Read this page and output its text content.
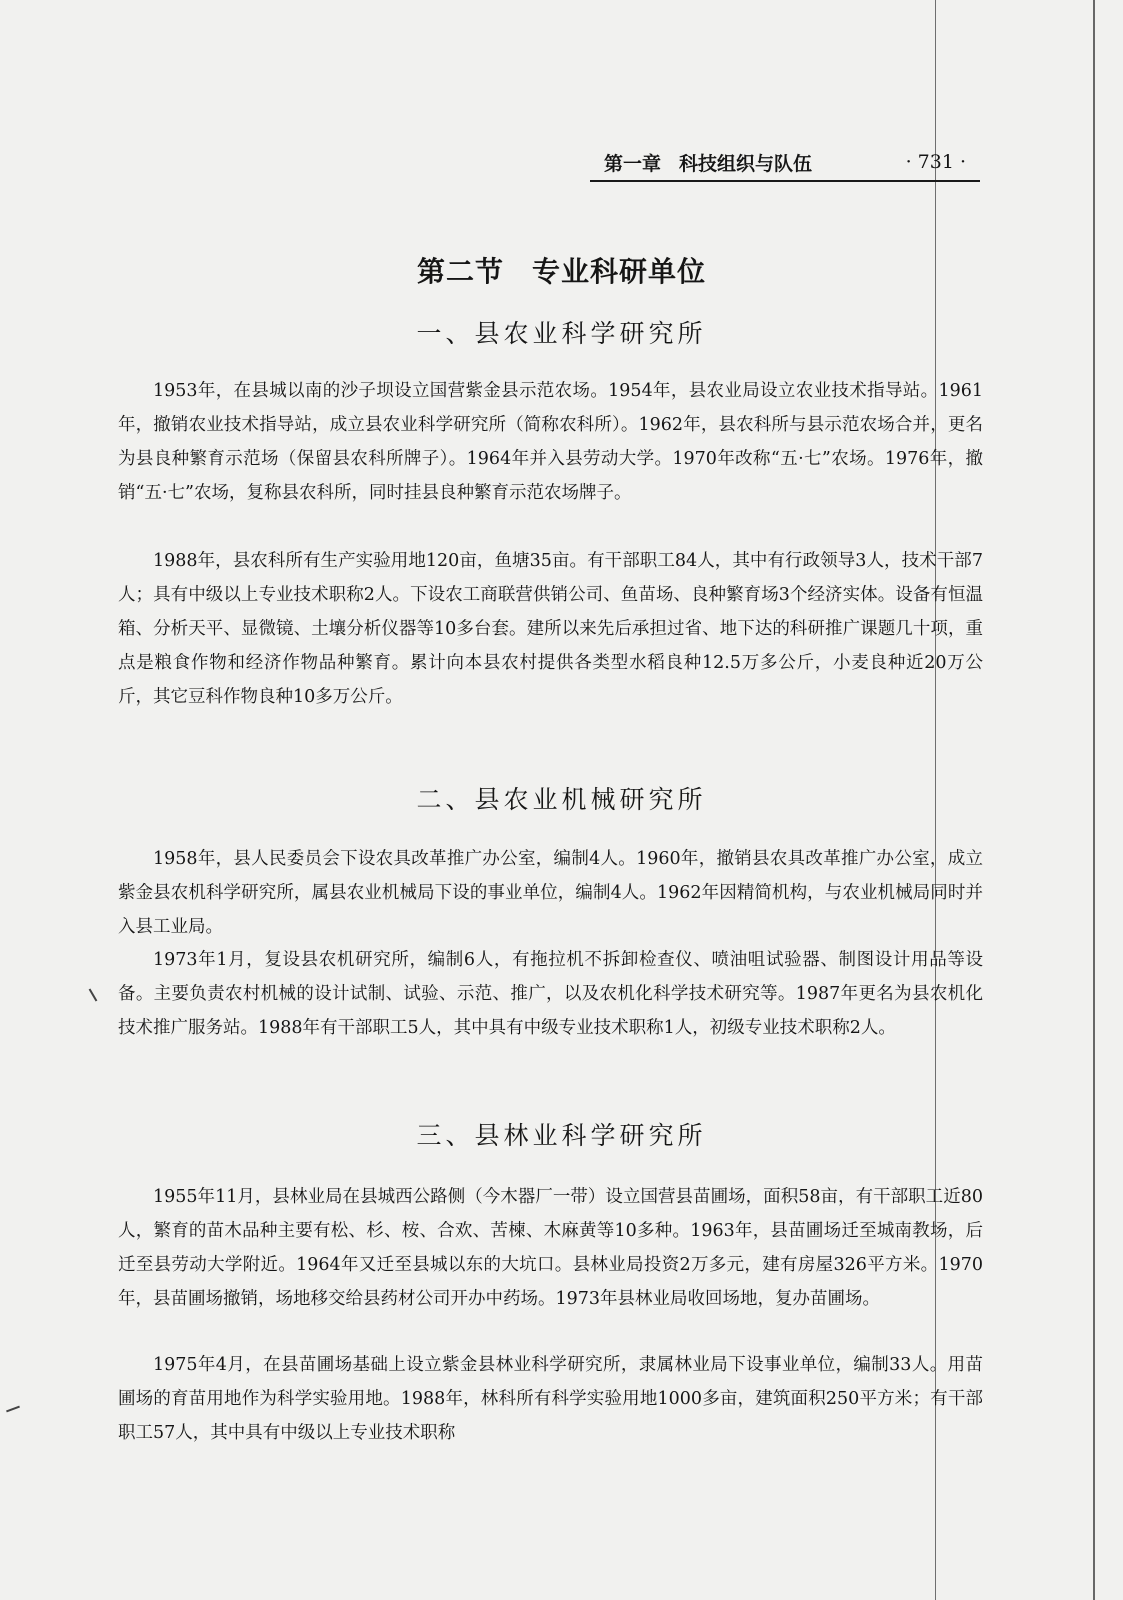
第一章 科技组织与队伍	· 731 ·
第二节 专业科研单位
一、县农业科学研究所

1953年，在县城以南的沙子坝设立国营紫金县示范农场。1954年，县农业局设立农业技术指导站。1961年，撤销农业技术指导站，成立县农业科学研究所（简称农科所）。1962年，县农科所与县示范农场合并，更名为县良种繁育示范场（保留县农科所牌子）。1964年并入县劳动大学。1970年改称“五·七”农场。1976年，撤销“五·七”农场，复称县农科所，同时挂县良种繁育示范农场牌子。

1988年，县农科所有生产实验用地120亩，鱼塘35亩。有干部职工84人，其中有行政领导3人，技术干部7人；具有中级以上专业技术职称2人。下设农工商联营供销公司、鱼苗场、良种繁育场3个经济实体。设备有恒温箱、分析天平、显微镜、土壤分析仪器等10多台套。建所以来先后承担过省、地下达的科研推广课题几十项，重点是粮食作物和经济作物品种繁育。累计向本县农村提供各类型水稻良种12.5万多公斤，小麦良种近20万公斤，其它豆科作物良种10多万公斤。

二、县农业机械研究所

1958年，县人民委员会下设农具改革推广办公室，编制4人。1960年，撤销县农具改革推广办公室，成立紫金县农机科学研究所，属县农业机械局下设的事业单位，编制4人。1962年因精简机构，与农业机械局同时并入县工业局。

1973年1月，复设县农机研究所，编制6人，有拖拉机不拆卸检查仪、喷油咀试验器、制图设计用品等设备。主要负责农村机械的设计试制、试验、示范、推广，以及农机化科学技术研究等。1987年更名为县农机化技术推广服务站。1988年有干部职工5人，其中具有中级专业技术职称1人，初级专业技术职称2人。

三、县林业科学研究所

1955年11月，县林业局在县城西公路侧（今木器厂一带）设立国营县苗圃场，面积58亩，有干部职工近80人，繁育的苗木品种主要有松、杉、桉、合欢、苦楝、木麻黄等10多种。1963年，县苗圃场迁至城南教场，后迁至县劳动大学附近。1964年又迁至县城以东的大坑口。县林业局投资2万多元，建有房屋326平方米。1970年，县苗圃场撤销，场地移交给县药材公司开办中药场。1973年县林业局收回场地，复办苗圃场。

1975年4月，在县苗圃场基础上设立紫金县林业科学研究所，隶属林业局下设事业单位，编制33人。用苗圃场的育苗用地作为科学实验用地。1988年，林科所有科学实验用地1000多亩，建筑面积250平方米；有干部职工57人，其中具有中级以上专业技术职称
